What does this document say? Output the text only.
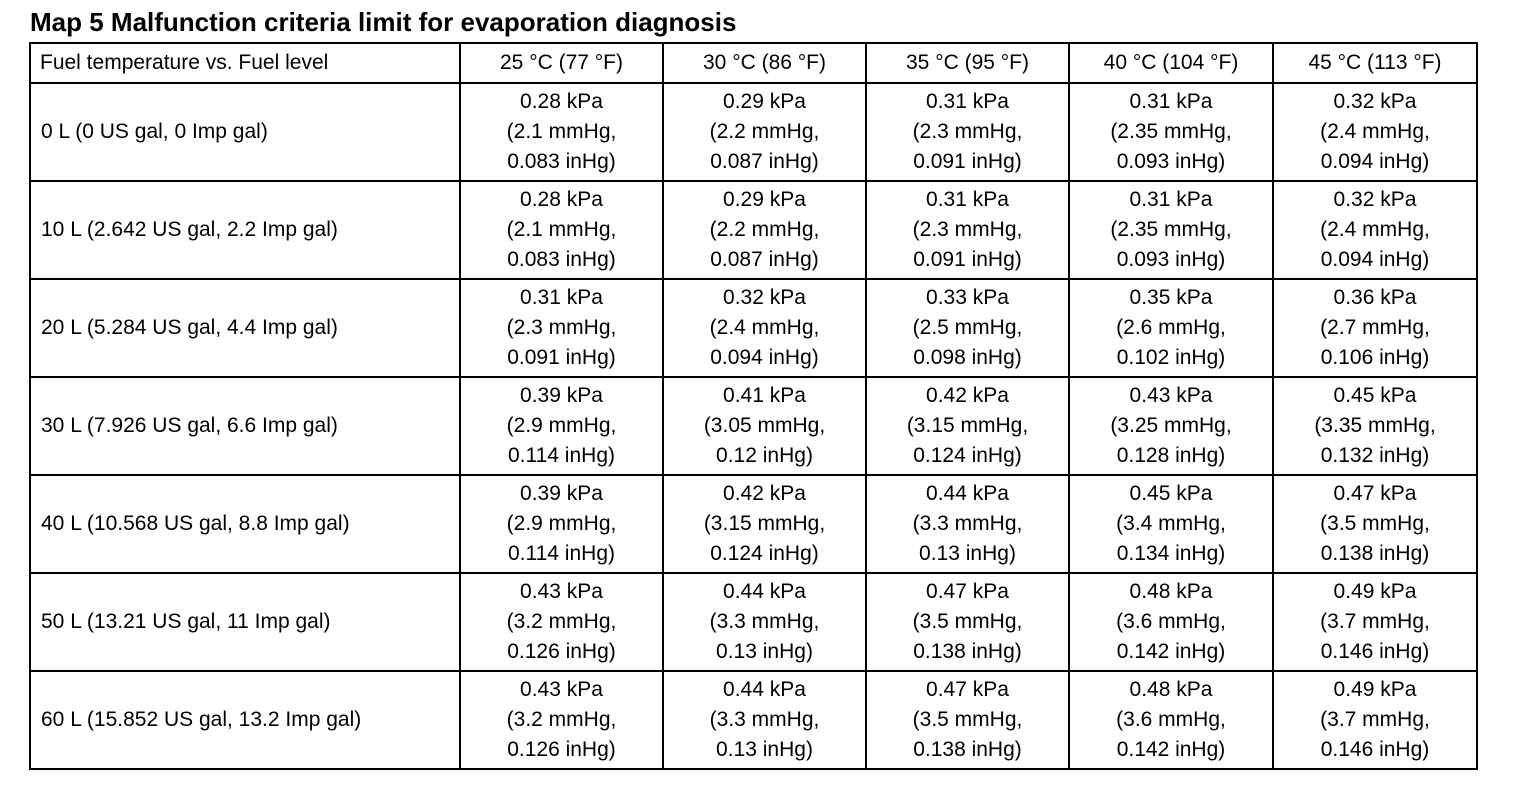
Map 5 Malfunction criteria limit for evaporation diagnosis
Fuel temperature vs. Fuel level	25 °C (77 °F)	30 °C (86 °F)	35 °C (95 °F)	40 °C (104 °F)	45 °C (113 °F)
0 L (0 US gal, 0 Imp gal)	0.28 kPa
(2.1 mmHg,
0.083 inHg)	0.29 kPa
(2.2 mmHg,
0.087 inHg)	0.31 kPa
(2.3 mmHg,
0.091 inHg)	0.31 kPa
(2.35 mmHg,
0.093 inHg)	0.32 kPa
(2.4 mmHg,
0.094 inHg)

10 L (2.642 US gal, 2.2 Imp gal)	0.28 kPa
(2.1 mmHg,
0.083 inHg)	0.29 kPa
(2.2 mmHg,
0.087 inHg)	0.31 kPa
(2.3 mmHg,
0.091 inHg)	0.31 kPa
(2.35 mmHg,
0.093 inHg)	0.32 kPa
(2.4 mmHg,
0.094 inHg)

20 L (5.284 US gal, 4.4 Imp gal)	0.31 kPa
(2.3 mmHg,
0.091 inHg)	0.32 kPa
(2.4 mmHg,
0.094 inHg)	0.33 kPa
(2.5 mmHg,
0.098 inHg)	0.35 kPa
(2.6 mmHg,
0.102 inHg)	0.36 kPa
(2.7 mmHg,
0.106 inHg)

30 L (7.926 US gal, 6.6 Imp gal)	0.39 kPa
(2.9 mmHg,
0.114 inHg)	0.41 kPa
(3.05 mmHg,
0.12 inHg)	0.42 kPa
(3.15 mmHg,
0.124 inHg)	0.43 kPa
(3.25 mmHg,
0.128 inHg)	0.45 kPa
(3.35 mmHg,
0.132 inHg)

40 L (10.568 US gal, 8.8 Imp gal)	0.39 kPa
(2.9 mmHg,
0.114 inHg)	0.42 kPa
(3.15 mmHg,
0.124 inHg)	0.44 kPa
(3.3 mmHg,
0.13 inHg)	0.45 kPa
(3.4 mmHg,
0.134 inHg)	0.47 kPa
(3.5 mmHg,
0.138 inHg)

50 L (13.21 US gal, 11 Imp gal)	0.43 kPa
(3.2 mmHg,
0.126 inHg)	0.44 kPa
(3.3 mmHg,
0.13 inHg)	0.47 kPa
(3.5 mmHg,
0.138 inHg)	0.48 kPa
(3.6 mmHg,
0.142 inHg)	0.49 kPa
(3.7 mmHg,
0.146 inHg)

60 L (15.852 US gal, 13.2 Imp gal)	0.43 kPa
(3.2 mmHg,
0.126 inHg)	0.44 kPa
(3.3 mmHg,
0.13 inHg)	0.47 kPa
(3.5 mmHg,
0.138 inHg)	0.48 kPa
(3.6 mmHg,
0.142 inHg)	0.49 kPa
(3.7 mmHg,
0.146 inHg)
